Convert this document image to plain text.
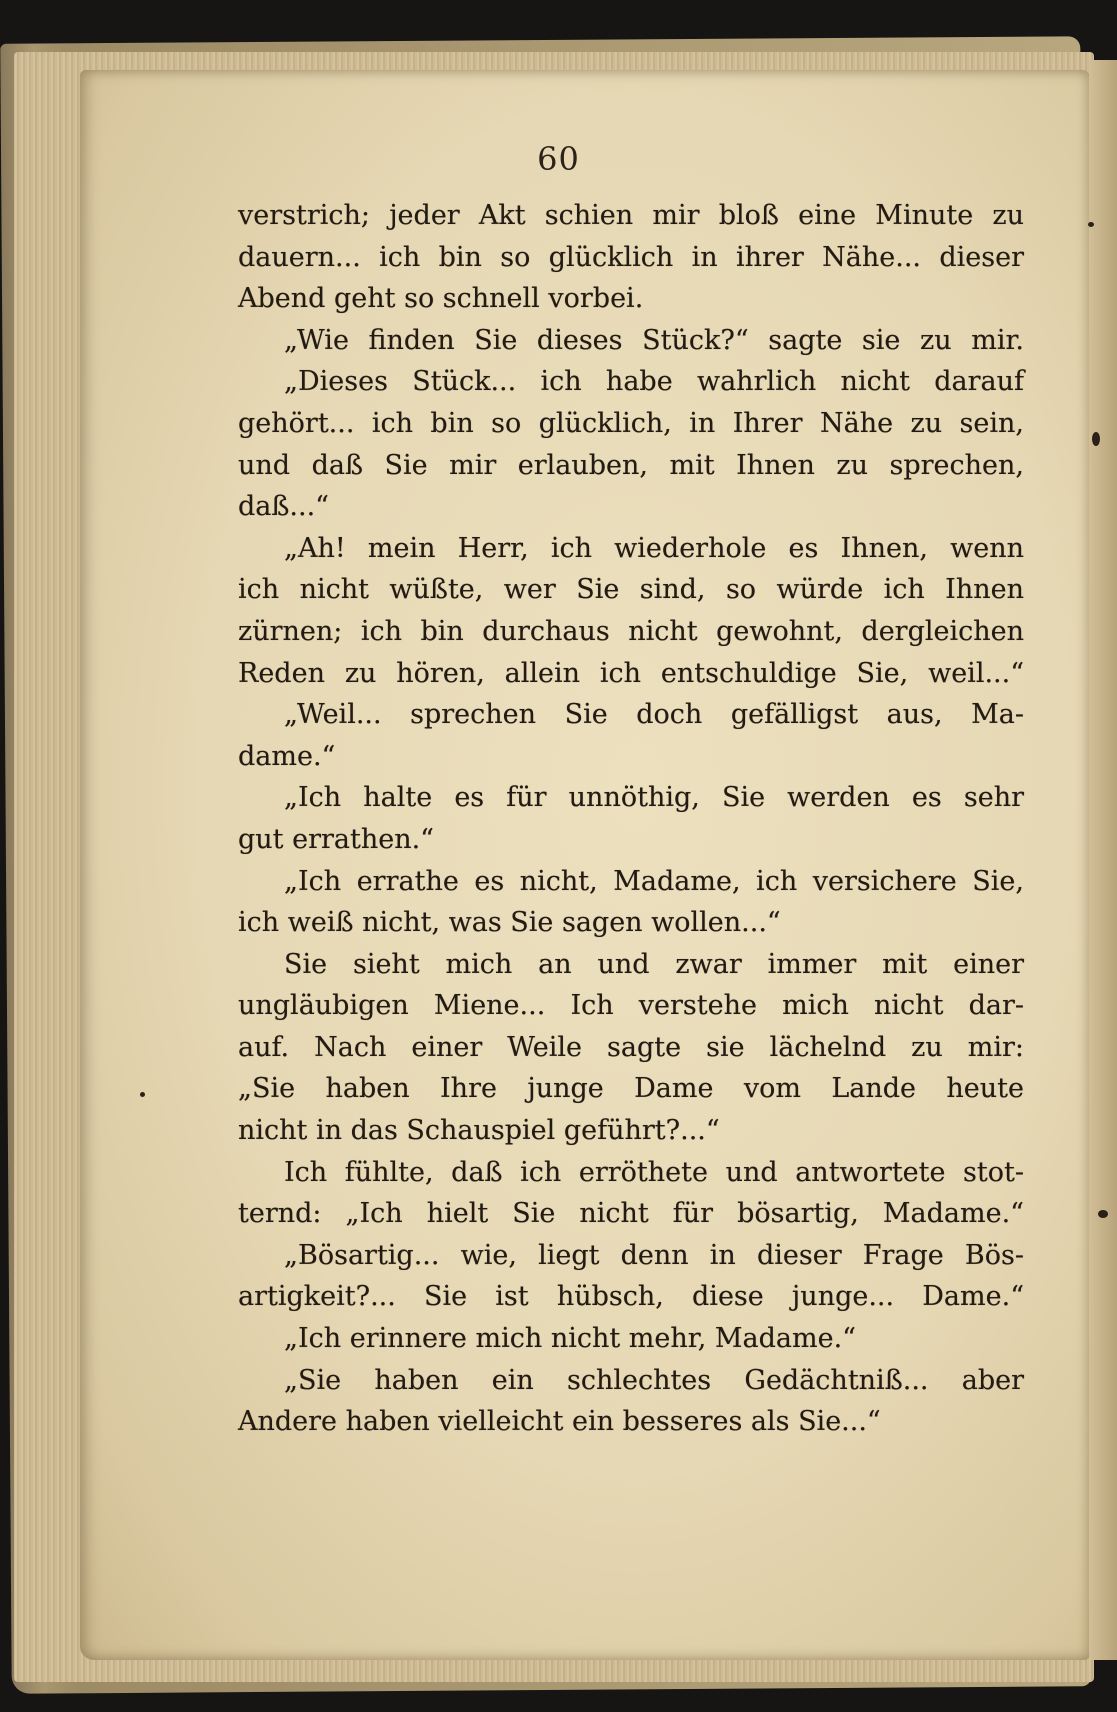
60
verstrich; jeder Akt schien mir bloß eine Minute zu
dauern... ich bin so glücklich in ihrer Nähe... dieser
Abend geht so schnell vorbei.
„Wie finden Sie dieses Stück?“ sagte sie zu mir.
„Dieses Stück... ich habe wahrlich nicht darauf
gehört... ich bin so glücklich, in Ihrer Nähe zu sein,
und daß Sie mir erlauben, mit Ihnen zu sprechen,
daß...“
„Ah! mein Herr, ich wiederhole es Ihnen, wenn
ich nicht wüßte, wer Sie sind, so würde ich Ihnen
zürnen; ich bin durchaus nicht gewohnt, dergleichen
Reden zu hören, allein ich entschuldige Sie, weil...“
„Weil... sprechen Sie doch gefälligst aus, Ma-
dame.“
„Ich halte es für unnöthig, Sie werden es sehr
gut errathen.“
„Ich errathe es nicht, Madame, ich versichere Sie,
ich weiß nicht, was Sie sagen wollen...“
Sie sieht mich an und zwar immer mit einer
ungläubigen Miene... Ich verstehe mich nicht dar-
auf. Nach einer Weile sagte sie lächelnd zu mir:
„Sie haben Ihre junge Dame vom Lande heute
nicht in das Schauspiel geführt?...“
Ich fühlte, daß ich erröthete und antwortete stot-
ternd: „Ich hielt Sie nicht für bösartig, Madame.“
„Bösartig... wie, liegt denn in dieser Frage Bös-
artigkeit?... Sie ist hübsch, diese junge... Dame.“
„Ich erinnere mich nicht mehr, Madame.“
„Sie haben ein schlechtes Gedächtniß... aber
Andere haben vielleicht ein besseres als Sie...“
